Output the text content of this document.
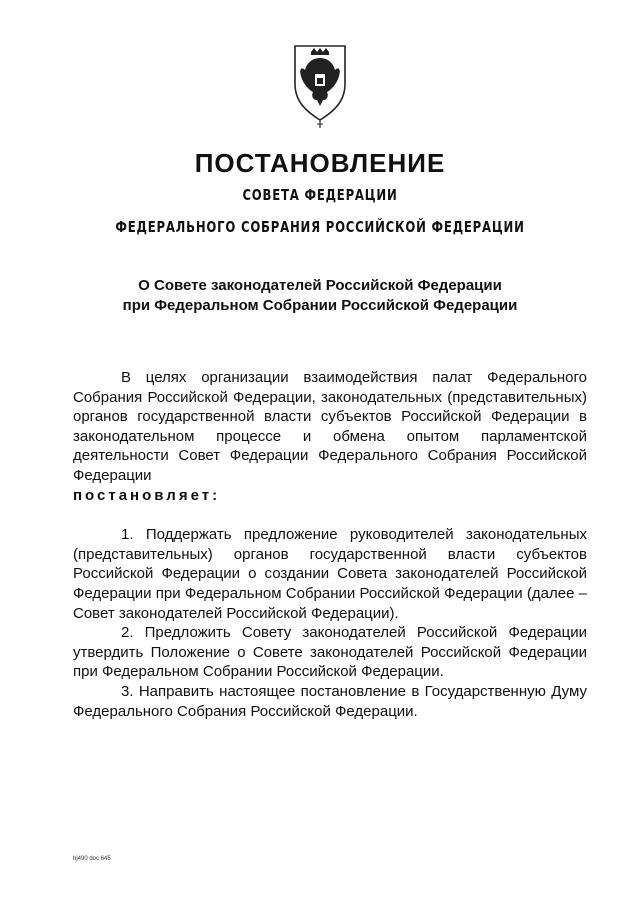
ПОСТАНОВЛЕНИЕ
СОВЕТА ФЕДЕРАЦИИ
ФЕДЕРАЛЬНОГО СОБРАНИЯ РОССИЙСКОЙ ФЕДЕРАЦИИ
О Совете законодателей Российской Федерации
при Федеральном Собрании Российской Федерации

В целях организации взаимодействия палат Федерального Собрания Российской Федерации, законодательных (представительных) органов государственной власти субъектов Российской Федерации в законодательном процессе и обмена опытом парламентской деятельности Совет Федерации Федерального Собрания Российской Федерации

постановляет:

1. Поддержать предложение руководителей законодательных (представительных) органов государственной власти субъектов Российской Федерации о создании Совета законодателей Российской Федерации при Федеральном Собрании Российской Федерации (далее – Совет законодателей Российской Федерации).

2. Предложить Совету законодателей Российской Федерации утвердить Положение о Совете законодателей Российской Федерации при Федеральном Собрании Российской Федерации.

3. Направить настоящее постановление в Государственную Думу Федерального Собрания Российской Федерации.

hj490 doc 645
